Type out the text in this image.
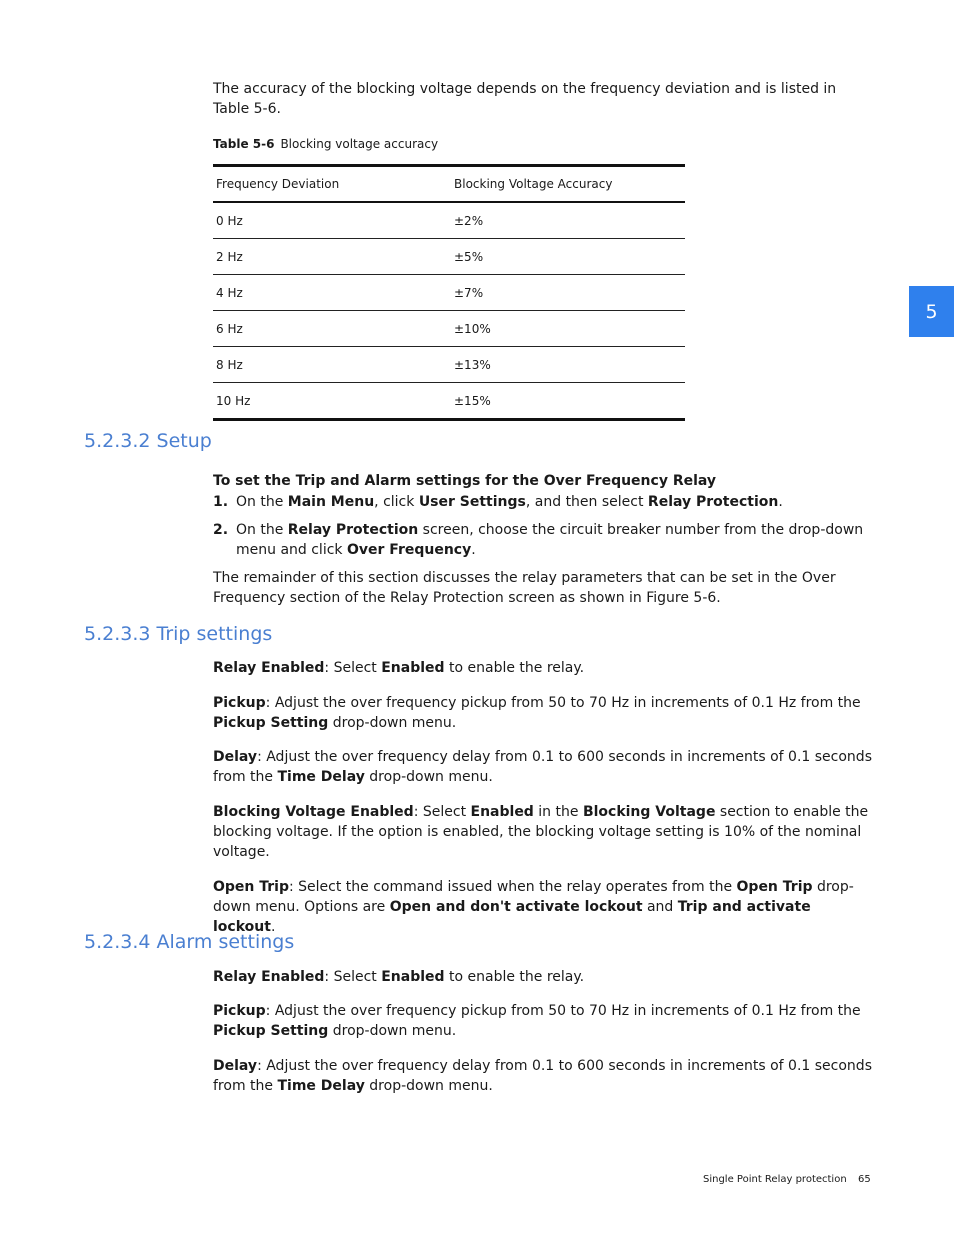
The accuracy of the blocking voltage depends on the frequency deviation and is listed in Table 5-6.

Table 5-6 Blocking voltage accuracy
Frequency Deviation	Blocking Voltage Accuracy
0 Hz	±2%
2 Hz	±5%
4 Hz	±7%
6 Hz	±10%
8 Hz	±13%
10 Hz	±15%
5
5.2.3.2 Setup
To set the Trip and Alarm settings for the Over Frequency Relay
1. On the Main Menu, click User Settings, and then select Relay Protection.
2. On the Relay Protection screen, choose the circuit breaker number from the drop-down menu and click Over Frequency.

The remainder of this section discusses the relay parameters that can be set in the Over Frequency section of the Relay Protection screen as shown in Figure 5-6.

5.2.3.3 Trip settings

Relay Enabled: Select Enabled to enable the relay.

Pickup: Adjust the over frequency pickup from 50 to 70 Hz in increments of 0.1 Hz from the Pickup Setting drop-down menu.

Delay: Adjust the over frequency delay from 0.1 to 600 seconds in increments of 0.1 seconds from the Time Delay drop-down menu.

Blocking Voltage Enabled: Select Enabled in the Blocking Voltage section to enable the blocking voltage. If the option is enabled, the blocking voltage setting is 10% of the nominal voltage.

Open Trip: Select the command issued when the relay operates from the Open Trip drop-down menu. Options are Open and don't activate lockout and Trip and activate lockout.

5.2.3.4 Alarm settings

Relay Enabled: Select Enabled to enable the relay.

Pickup: Adjust the over frequency pickup from 50 to 70 Hz in increments of 0.1 Hz from the Pickup Setting drop-down menu.

Delay: Adjust the over frequency delay from 0.1 to 600 seconds in increments of 0.1 seconds from the Time Delay drop-down menu.

Single Point Relay protection 65
